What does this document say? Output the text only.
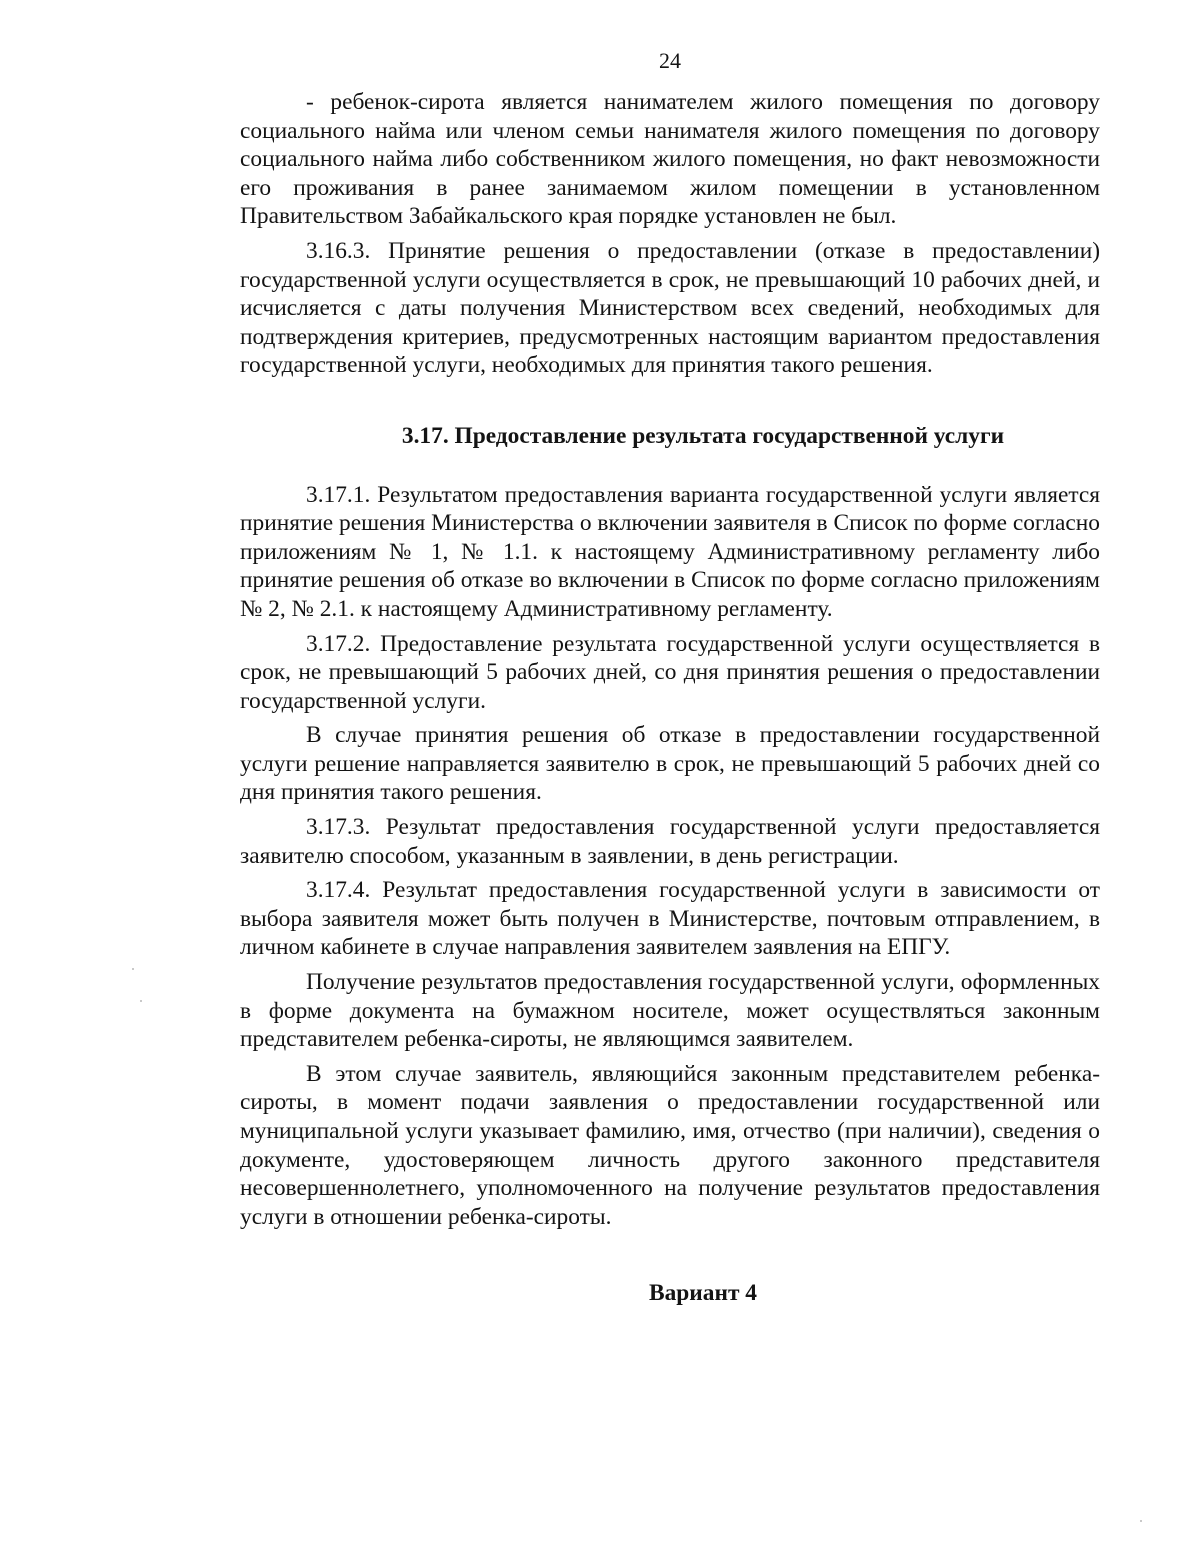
24

- ребенок-сирота является нанимателем жилого помещения по договору социального найма или членом семьи нанимателя жилого помещения по договору социального найма либо собственником жилого помещения, но факт невозможности его проживания в ранее занимаемом жилом помещении в установленном Правительством Забайкальского края порядке установлен не был.

3.16.3. Принятие решения о предоставлении (отказе в предоставлении) государственной услуги осуществляется в срок, не превышающий 10 рабочих дней, и исчисляется с даты получения Министерством всех сведений, необходимых для подтверждения критериев, предусмотренных настоящим вариантом предоставления государственной услуги, необходимых для принятия такого решения.

3.17. Предоставление результата государственной услуги

3.17.1. Результатом предоставления варианта государственной услуги является принятие решения Министерства о включении заявителя в Список по форме согласно приложениям № 1, № 1.1. к настоящему Административному регламенту либо принятие решения об отказе во включении в Список по форме согласно приложениям № 2, № 2.1. к настоящему Административному регламенту.

3.17.2. Предоставление результата государственной услуги осуществляется в срок, не превышающий 5 рабочих дней, со дня принятия решения о предоставлении государственной услуги.

В случае принятия решения об отказе в предоставлении государственной услуги решение направляется заявителю в срок, не превышающий 5 рабочих дней со дня принятия такого решения.

3.17.3. Результат предоставления государственной услуги предоставляется заявителю способом, указанным в заявлении, в день регистрации.

3.17.4. Результат предоставления государственной услуги в зависимости от выбора заявителя может быть получен в Министерстве, почтовым отправлением, в личном кабинете в случае направления заявителем заявления на ЕПГУ.

Получение результатов предоставления государственной услуги, оформленных в форме документа на бумажном носителе, может осуществляться законным представителем ребенка-сироты, не являющимся заявителем.

В этом случае заявитель, являющийся законным представителем ребенка-сироты, в момент подачи заявления о предоставлении государственной или муниципальной услуги указывает фамилию, имя, отчество (при наличии), сведения о документе, удостоверяющем личность другого законного представителя несовершеннолетнего, уполномоченного на получение результатов предоставления услуги в отношении ребенка-сироты.

Вариант 4
